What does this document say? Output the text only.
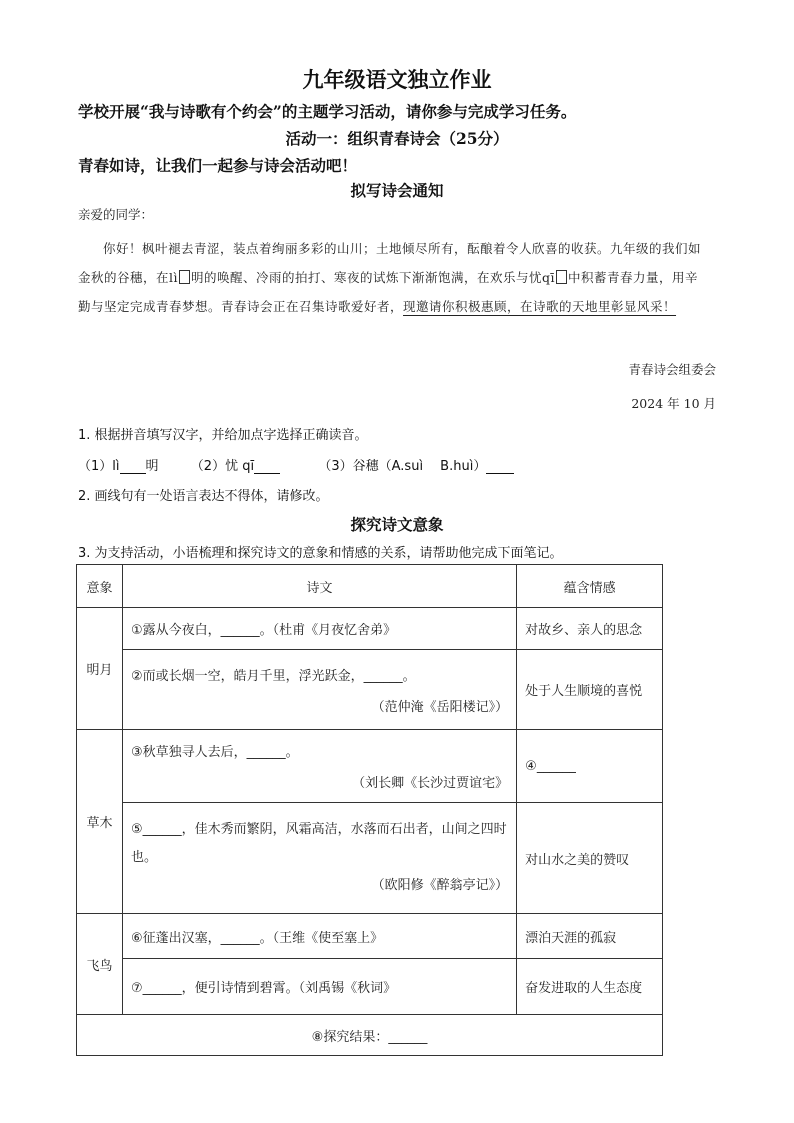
九年级语文独立作业
学校开展“我与诗歌有个约会”的主题学习活动，请你参与完成学习任务。
活动一：组织青春诗会（25分）
青春如诗，让我们一起参与诗会活动吧！
拟写诗会通知
亲爱的同学：
你好！枫叶褪去青涩，装点着绚丽多彩的山川；土地倾尽所有，酝酿着令人欣喜的收获。九年级的我们如金秋的谷穗，在lì 明的唤醒、冷雨的拍打、寒夜的试炼下渐渐饱满，在欢乐与忧qī 中积蓄青春力量，用辛勤与坚定完成青春梦想。青春诗会正在召集诗歌爱好者，现邀请你积极惠顾，在诗歌的天地里彰显风采！
青春诗会组委会
2024 年 10 月
1. 根据拼音填写汉字，并给加点字选择正确读音。
（1）lì 明 （2）忧 qī	（3）谷穗（A.suì　 B.huì）
2. 画线句有一处语言表达不得体，请修改。
探究诗文意象
3. 为支持活动，小语梳理和探究诗文的意象和情感的关系，请帮助他完成下面笔记。
意象	诗文	蕴含情感
明月	①露从今夜白，______。（杜甫《月夜忆舍弟》	对故乡、亲人的思念

	②而或长烟一空，皓月千里，浮光跃金，______。
（范仲淹《岳阳楼记》）	处于人生顺境的喜悦
草木	③秋草独寻人去后，______。
（刘长卿《长沙过贾谊宅》	④______

	⑤______，佳木秀而繁阴，风霜高洁，水落而石出者，山间之四时也。
（欧阳修《醉翁亭记》）	对山水之美的赞叹
飞鸟	⑥征蓬出汉塞，______。（王维《使至塞上》	漂泊天涯的孤寂
	⑦______，便引诗情到碧霄。（刘禹锡《秋词》	奋发进取的人生态度
⑧探究结果：______		
